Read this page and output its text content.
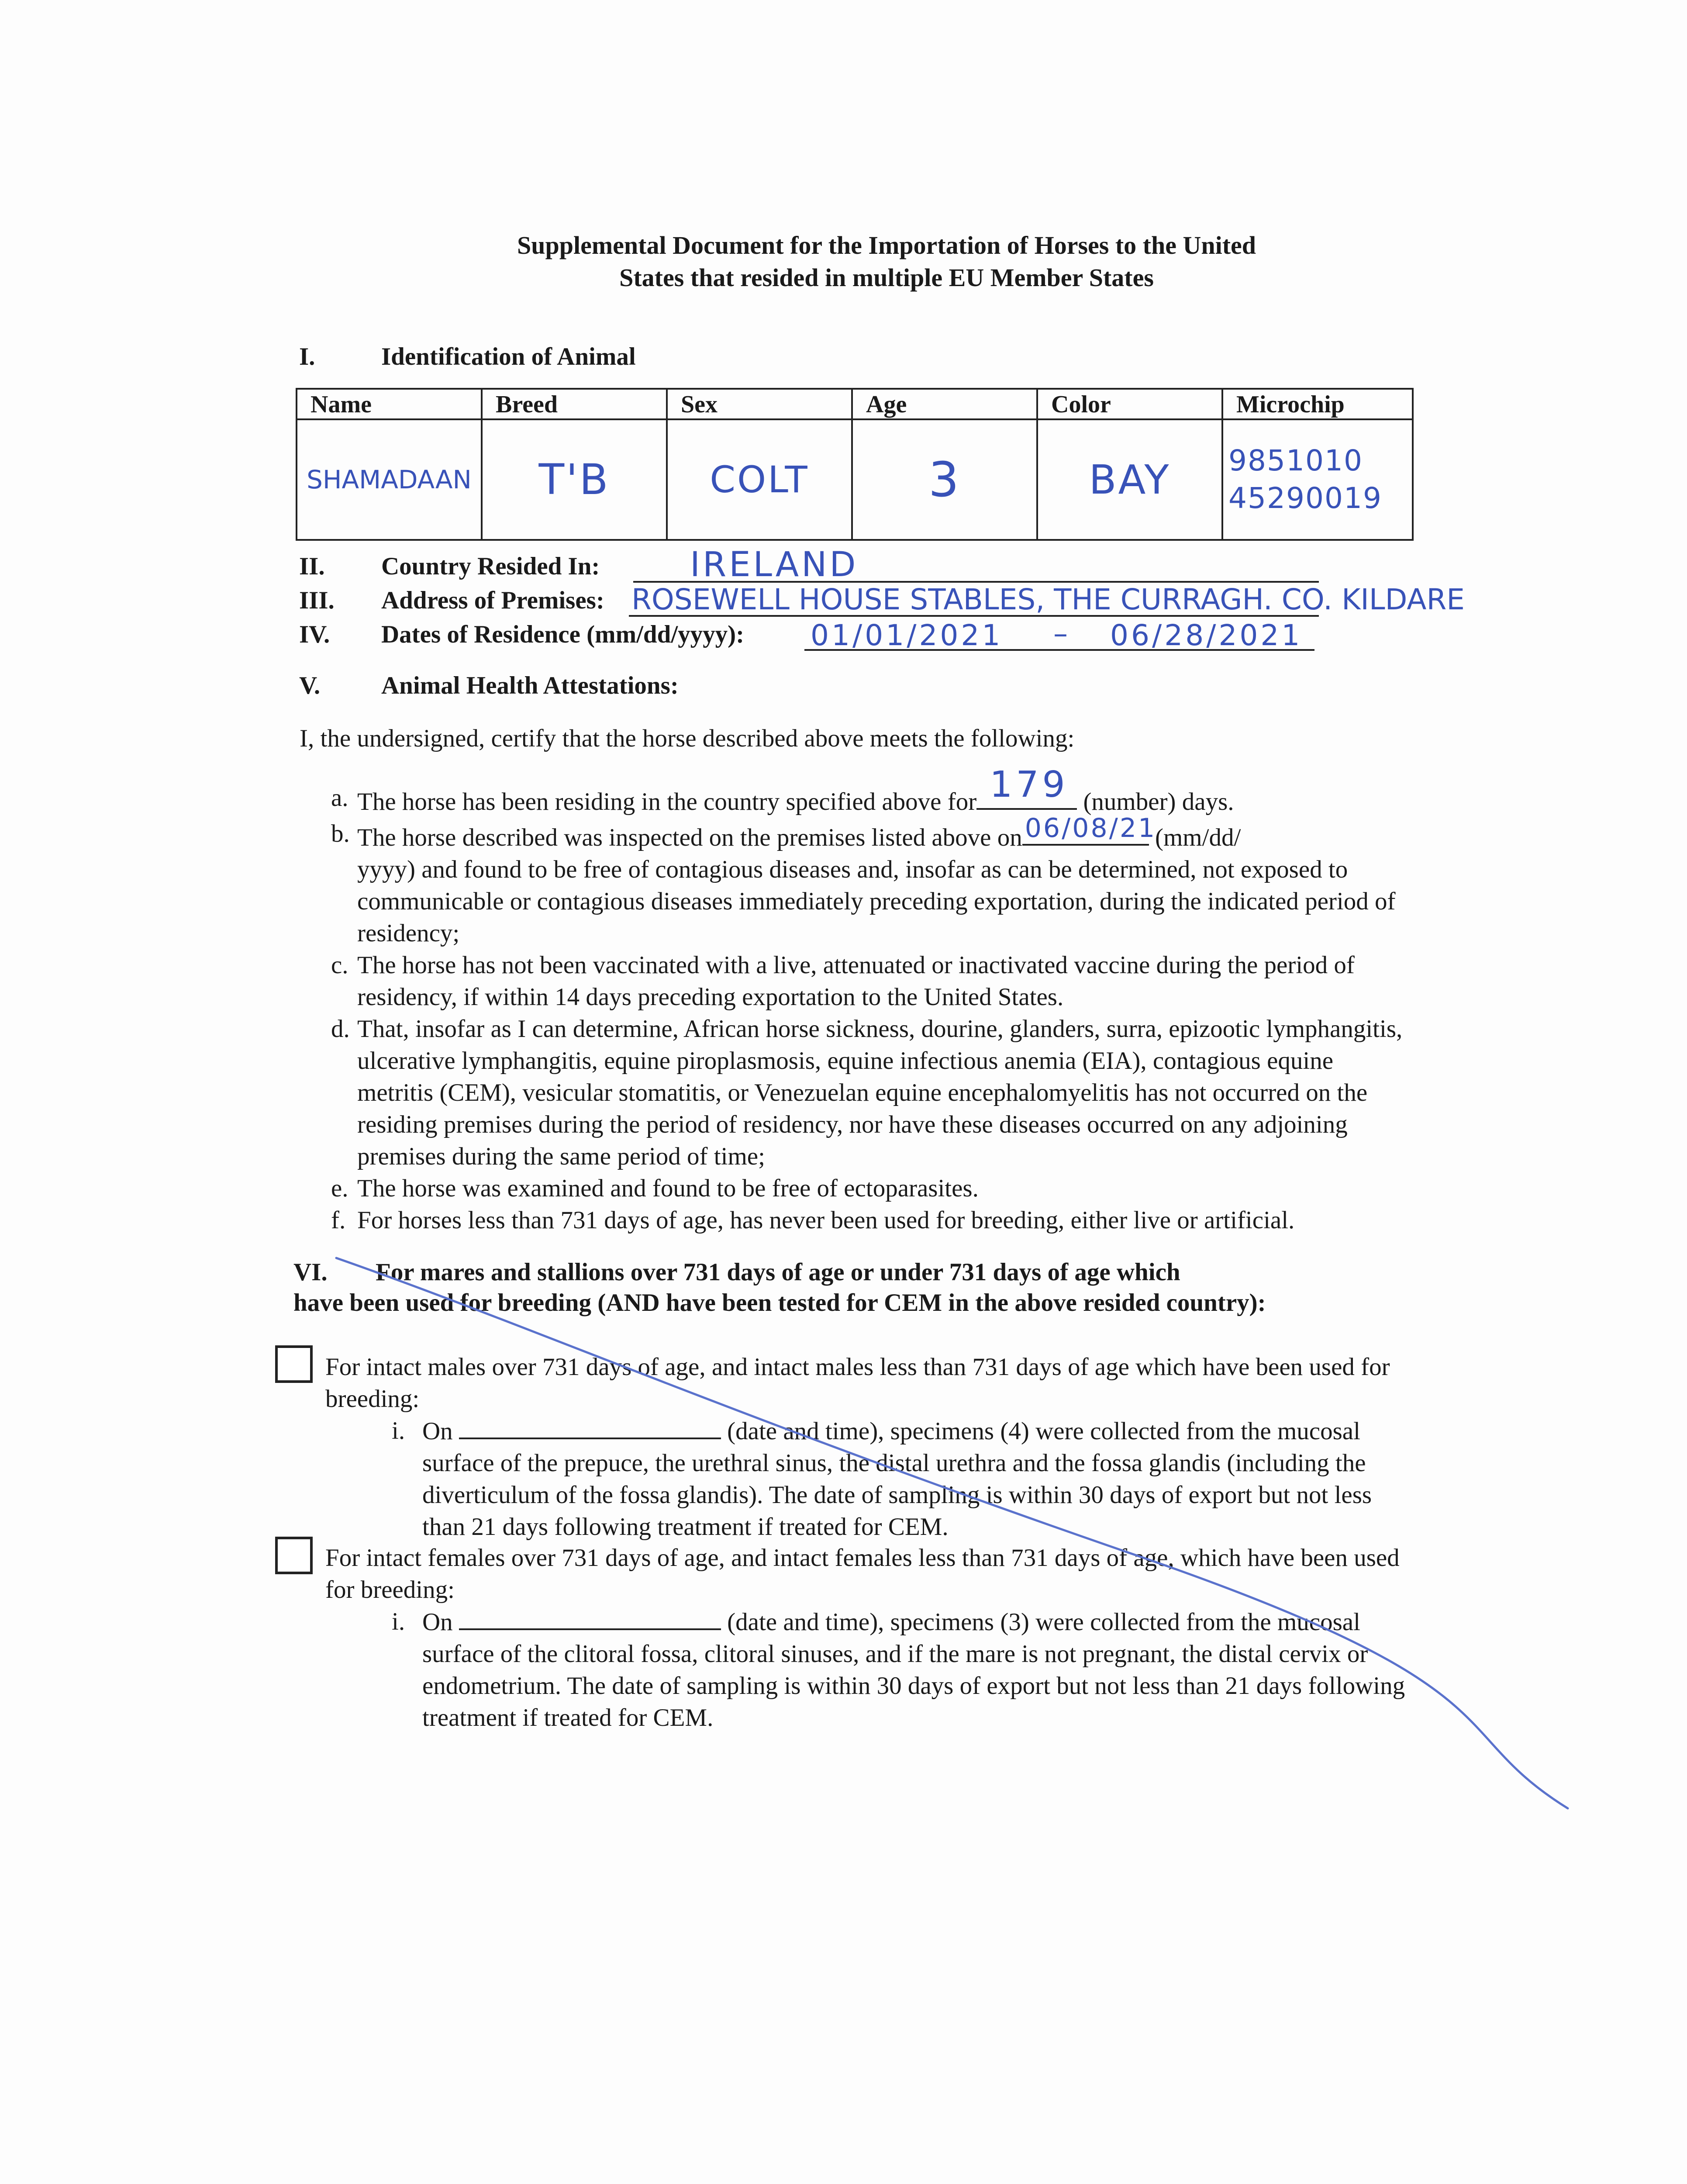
Supplemental Document for the Importation of Horses to the United
States that resided in multiple EU Member States
I.	Identification of Animal
Name	Breed	Sex	Age	Color	Microchip
SHAMADAAN	T'B	COLT	3	BAY	9851010
45290019
II. Country Resided In:	IRELAND
III. Address of Premises: ROSEWELL HOUSE STABLES, THE CURRAGH. CO. KILDARE
IV. Dates of Residence (mm/dd/yyyy): 01/01/2021 – 06/28/2021
V. Animal Health Attestations:
I, the undersigned, certify that the horse described above meets the following:
a. The horse has been residing in the country specified above for 179 (number) days.
b. The horse described was inspected on the premises listed above on 06/08/21
(mm/dd/
yyyy) and found to be free of contagious diseases and, insofar as can be determined, not exposed to communicable or contagious diseases immediately preceding exportation, during the indicated period of residency;
c. The horse has not been vaccinated with a live, attenuated or inactivated vaccine during the period of residency, if within 14 days preceding exportation to the United States.
d. That, insofar as I can determine, African horse sickness, dourine, glanders, surra, epizootic lymphangitis, ulcerative lymphangitis, equine piroplasmosis, equine infectious anemia (EIA), contagious equine metritis (CEM), vesicular stomatitis, or Venezuelan equine encephalomyelitis has not occurred on the residing premises during the period of residency, nor have these diseases occurred on any adjoining premises during the same period of time;
e. The horse was examined and found to be free of ectoparasites.
f. For horses less than 731 days of age, has never been used for breeding, either live or artificial.
VI. For mares and stallions over 731 days of age or under 731 days of age which
have been used for breeding (AND have been tested for CEM in the above resided country):
For intact males over 731 days of age, and intact males less than 731 days of age which have been used for breeding:
i. On	(date and time), specimens (4) were collected from the mucosal surface of the prepuce, the urethral sinus, the distal urethra and the fossa glandis (including the diverticulum of the fossa glandis). The date of sampling is within 30 days of export but not less than 21 days following treatment if treated for CEM.
For intact females over 731 days of age, and intact females less than 731 days of age, which have been used for breeding:
i. On	(date and time), specimens (3) were collected from the mucosal surface of the clitoral fossa, clitoral sinuses, and if the mare is not pregnant, the distal cervix or endometrium. The date of sampling is within 30 days of export but not less than 21 days following treatment if treated for CEM.
